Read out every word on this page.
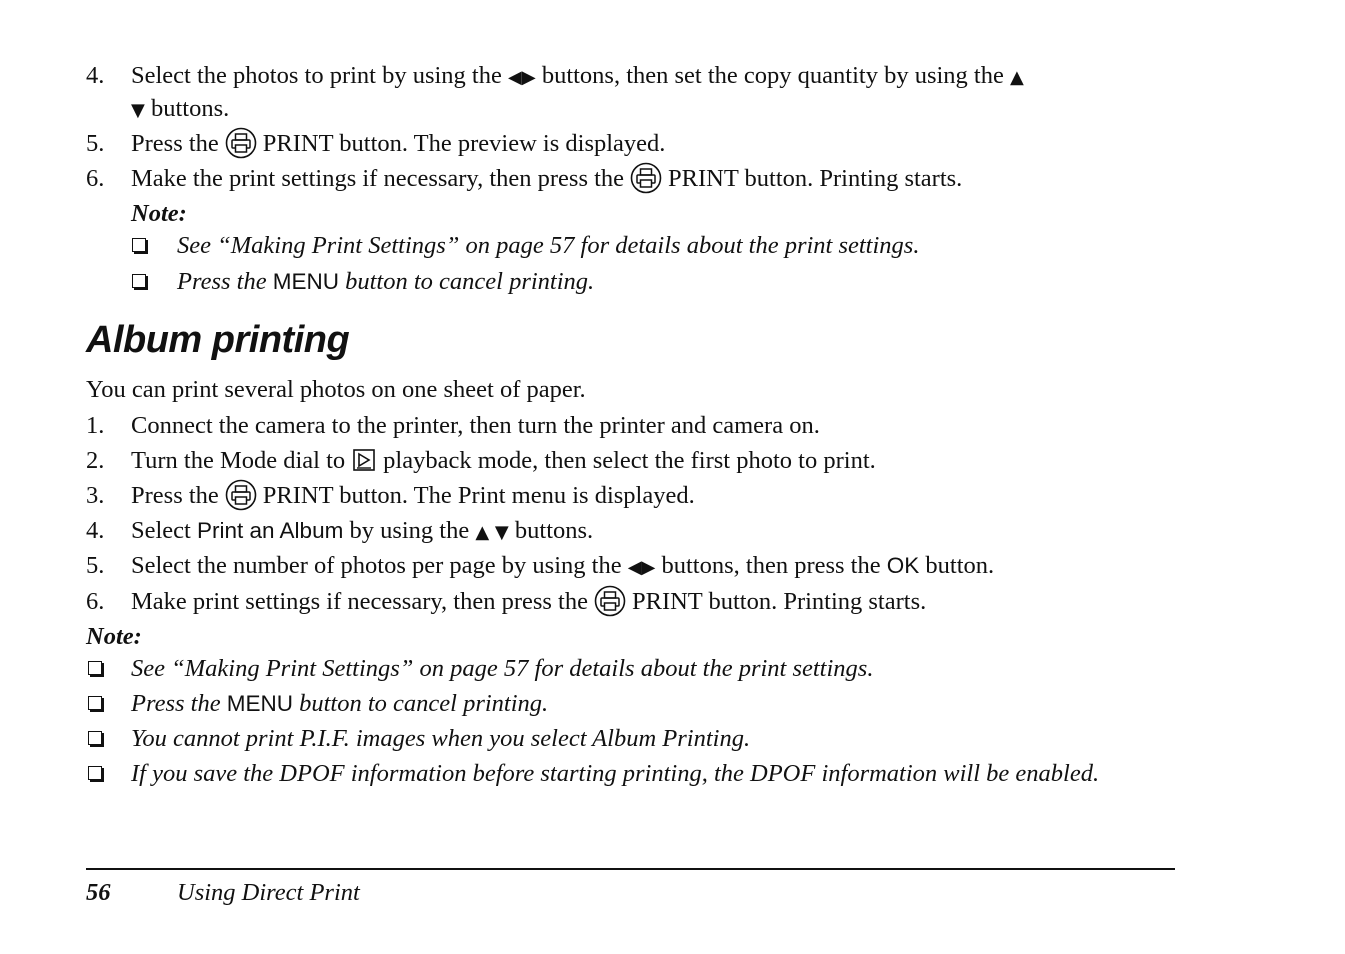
4. Select the photos to print by using the ◀▶ buttons, then set the copy quantity by using the ▲
▼ buttons.
5. Press the PRINT button. The preview is displayed.
6. Make the print settings if necessary, then press the PRINT button. Printing starts.
Note:
See “Making Print Settings” on page 57 for details about the print settings.
Press the MENU button to cancel printing.
Album printing
You can print several photos on one sheet of paper.
1. Connect the camera to the printer, then turn the printer and camera on.
2. Turn the Mode dial to playback mode, then select the first photo to print.
3. Press the PRINT button. The Print menu is displayed.
4. Select Print an Album by using the ▲ ▼ buttons.
5. Select the number of photos per page by using the ◀▶ buttons, then press the OK button.
6. Make print settings if necessary, then press the PRINT button. Printing starts.
Note:
See “Making Print Settings” on page 57 for details about the print settings.
Press the MENU button to cancel printing.
You cannot print P.I.F. images when you select Album Printing.
If you save the DPOF information before starting printing, the DPOF information will be enabled.
56	Using Direct Print
